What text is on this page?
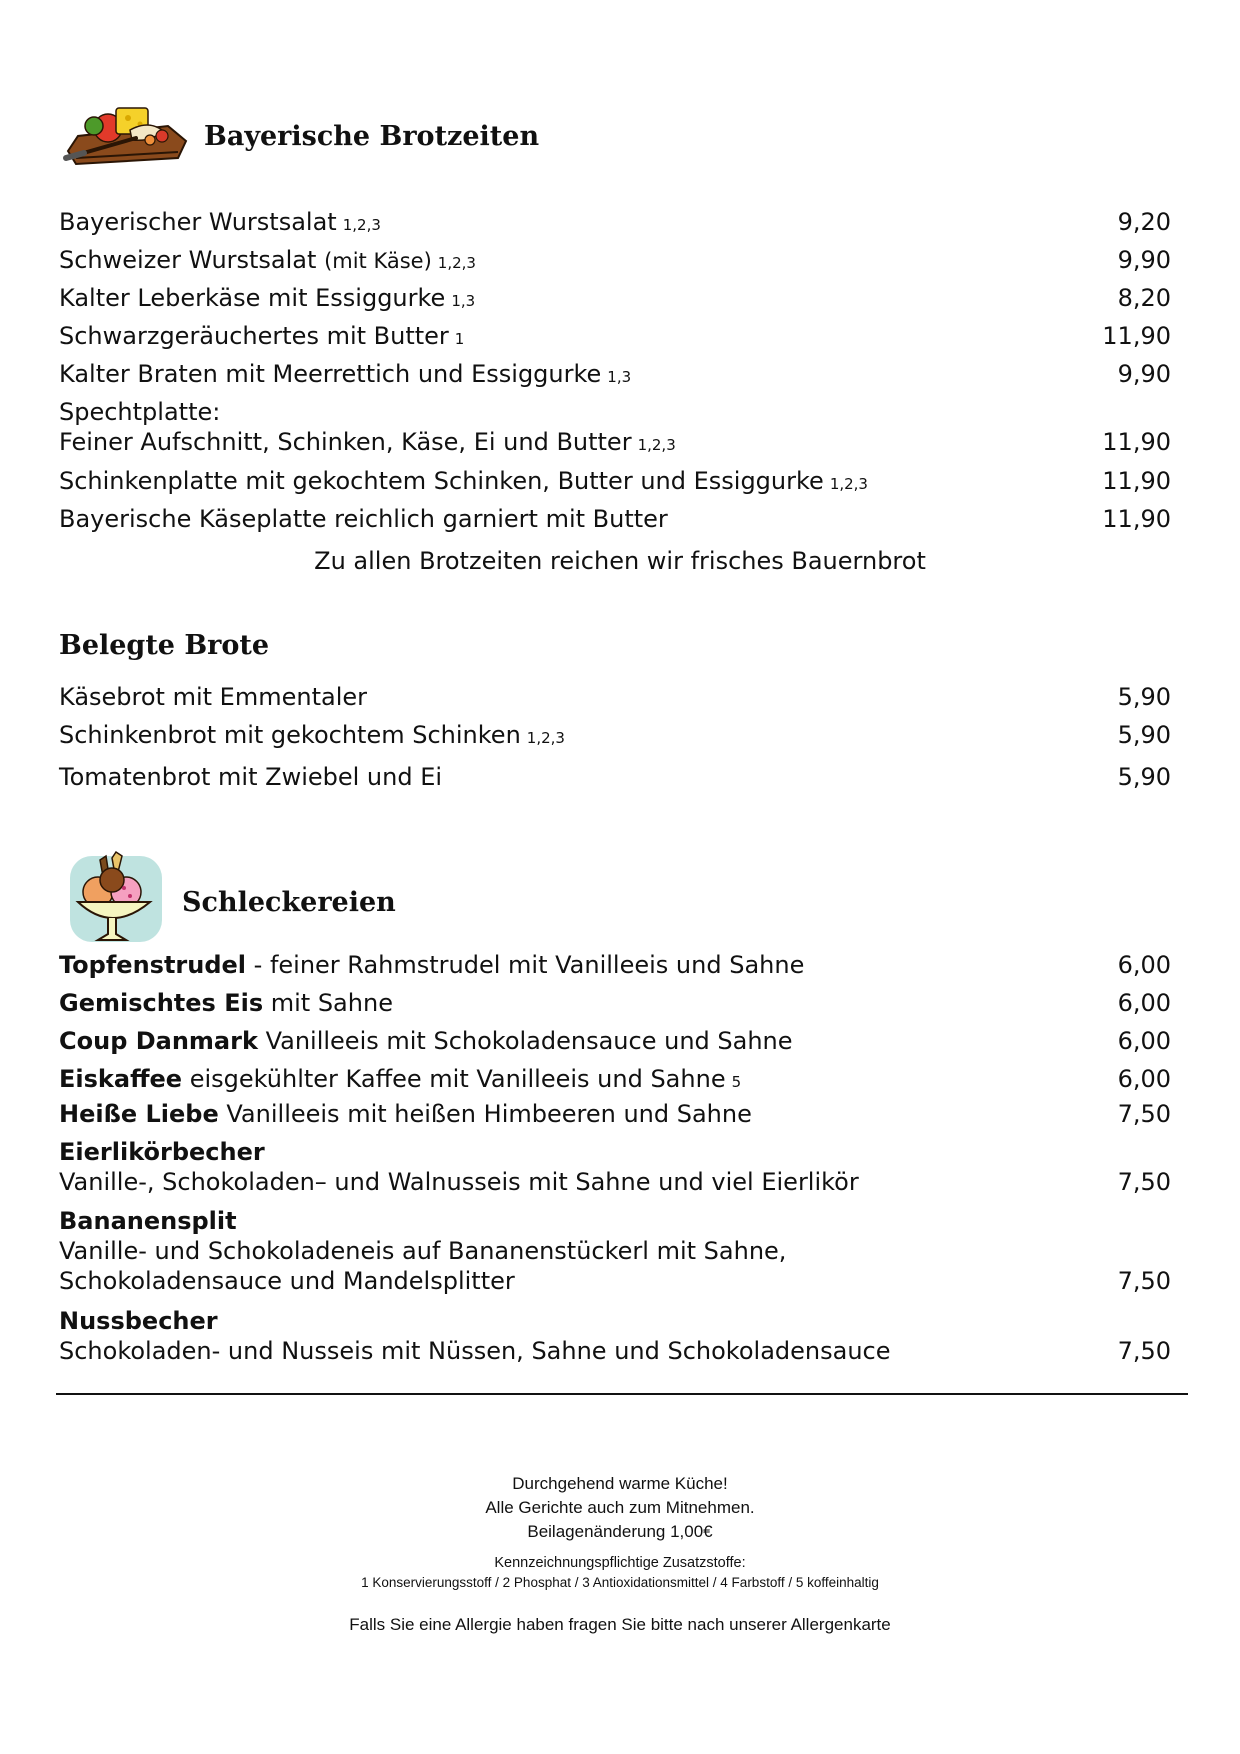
Bayerische Brotzeiten
Bayerischer Wurstsalat 1,2,3	9,20
Schweizer Wurstsalat (mit Käse) 1,2,3	9,90
Kalter Leberkäse mit Essiggurke 1,3	8,20
Schwarzgeräuchertes mit Butter 1	11,90
Kalter Braten mit Meerrettich und Essiggurke 1,3	9,90
Spechtplatte:
Feiner Aufschnitt, Schinken, Käse, Ei und Butter 1,2,3	11,90
Schinkenplatte mit gekochtem Schinken, Butter und Essiggurke 1,2,3	11,90
Bayerische Käseplatte reichlich garniert mit Butter	11,90
Zu allen Brotzeiten reichen wir frisches Bauernbrot
Belegte Brote
Käsebrot mit Emmentaler	5,90
Schinkenbrot mit gekochtem Schinken 1,2,3	5,90
Tomatenbrot mit Zwiebel und Ei	5,90
Schleckereien
Topfenstrudel - feiner Rahmstrudel mit Vanilleeis und Sahne	6,00
Gemischtes Eis mit Sahne	6,00
Coup Danmark Vanilleeis mit Schokoladensauce und Sahne	6,00
Eiskaffee eisgekühlter Kaffee mit Vanilleeis und Sahne 5	6,00
Heiße Liebe Vanilleeis mit heißen Himbeeren und Sahne	7,50
Eierlikörbecher
Vanille-, Schokoladen– und Walnusseis mit Sahne und viel Eierlikör	7,50
Bananensplit
Vanille- und Schokoladeneis auf Bananenstückerl mit Sahne,
Schokoladensauce und Mandelsplitter	7,50
Nussbecher
Schokoladen- und Nusseis mit Nüssen, Sahne und Schokoladensauce	7,50
Durchgehend warme Küche!
Alle Gerichte auch zum Mitnehmen.
Beilagenänderung 1,00€
Kennzeichnungspflichtige Zusatzstoffe:
1 Konservierungsstoff / 2 Phosphat / 3 Antioxidationsmittel / 4 Farbstoff / 5 koffeinhaltig
Falls Sie eine Allergie haben fragen Sie bitte nach unserer Allergenkarte
